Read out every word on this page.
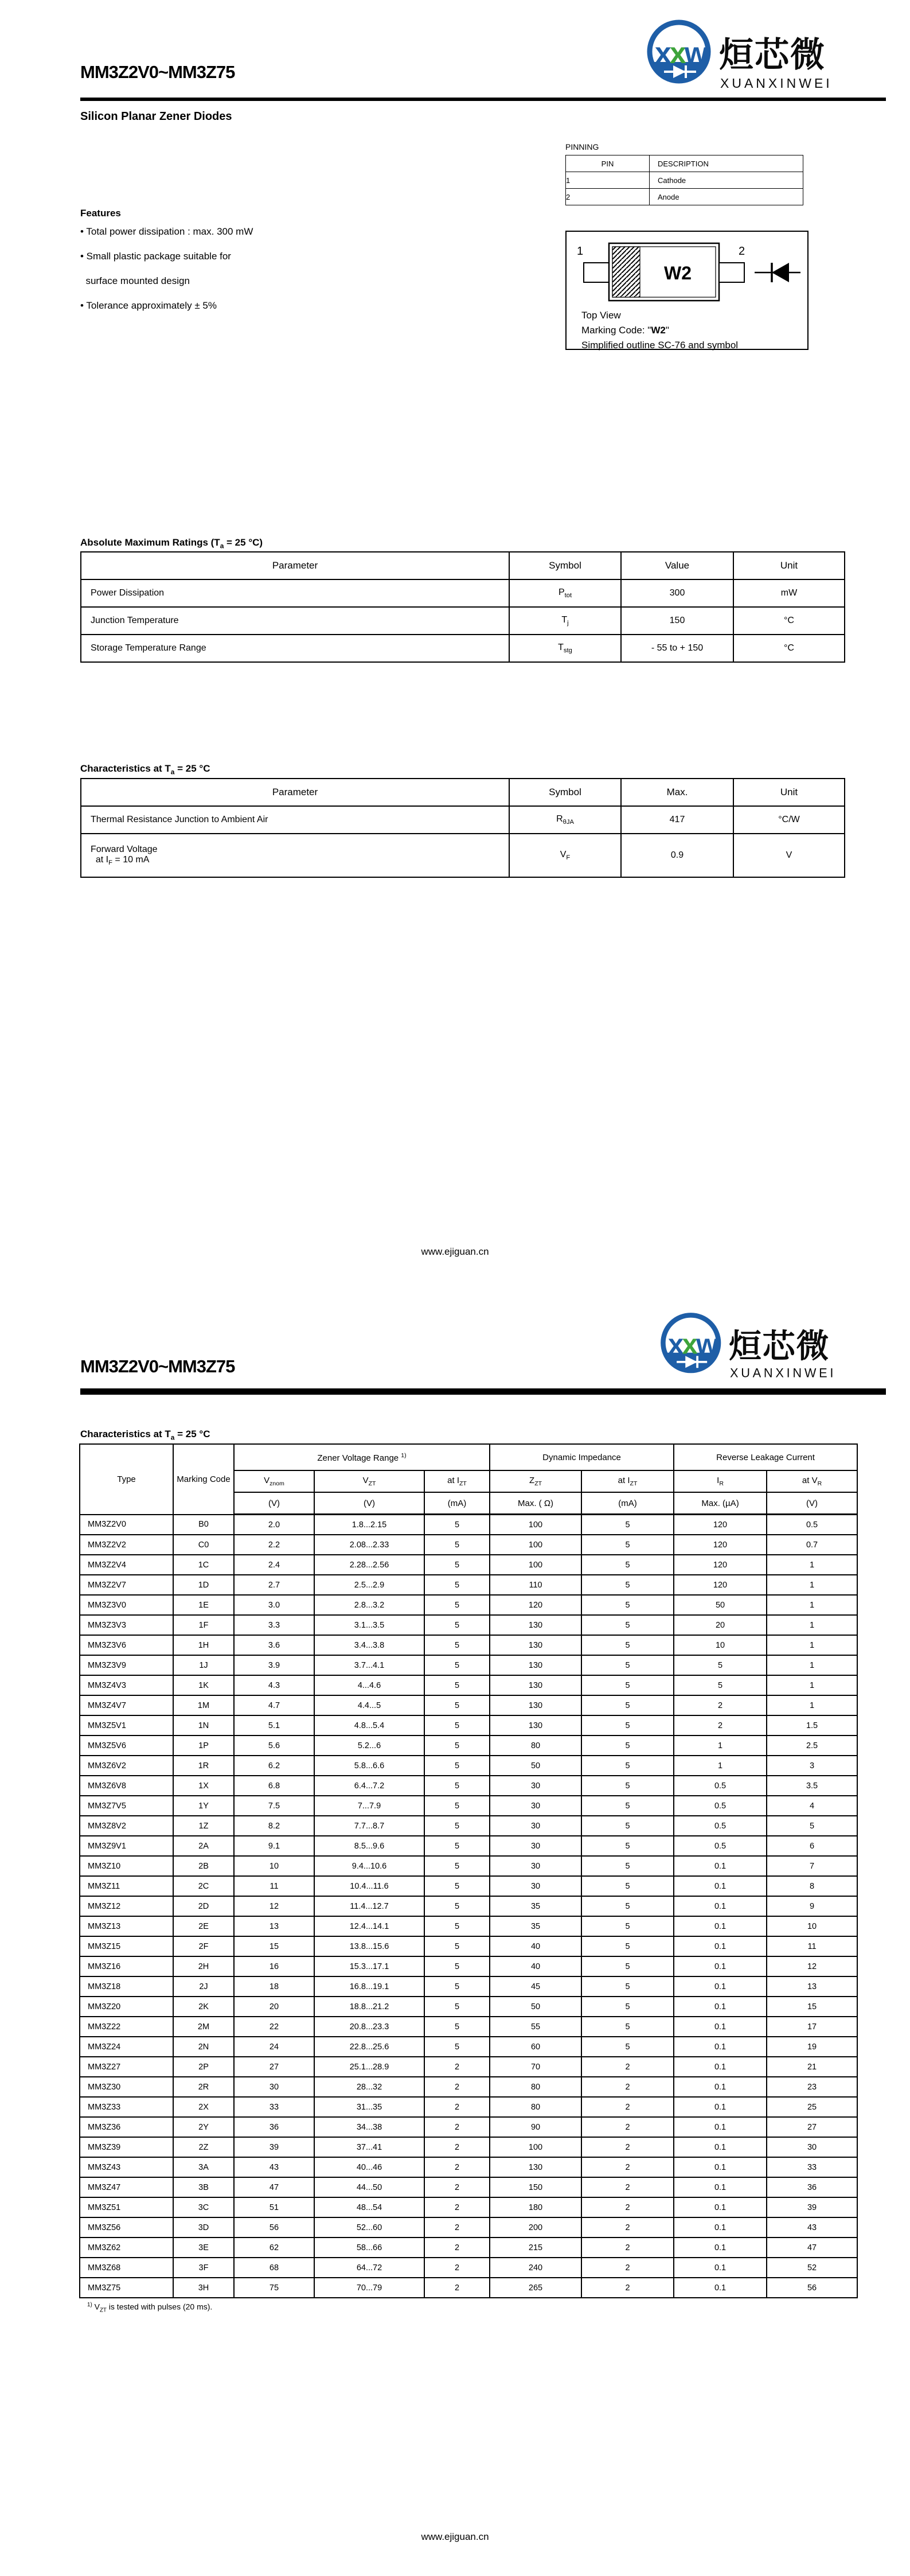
xxw 烜芯微
XUANXINWEI
MM3Z2V0~MM3Z75
Silicon Planar Zener Diodes
PINNING
PIN	DESCRIPTION
1	Cathode
2	Anode
Features
• Total power dissipation : max. 300 mW
• Small plastic package suitable for
surface mounted design
• Tolerance approximately ± 5%
1
W2
2
Top View
Marking Code: "W2"
Simplified outline SC-76 and symbol
Absolute Maximum Ratings ($T_a = 25$ °C)
Parameter	Symbol	Value	Unit
Power Dissipation	$P_{tot}$	300	mW
Junction Temperature	$T_j$	150	°C
Storage Temperature Range	$T_{stg}$	- 55 to + 150	°C
Characteristics at $T_a = 25$ °C
Parameter	Symbol	Max.	Unit
Thermal Resistance Junction to Ambient Air	$R_{\theta JA}$	417	°C/W
Forward Voltage
at $I_F = 10$ mA	$V_F$	0.9	V
www.ejiguan.cn
xxw 烜芯微
XUANXINWEI
MM3Z2V0~MM3Z75
Characteristics at $T_a = 25$ °C
Type	Marking Code	Zener Voltage Range $^{1)}$			Dynamic Impedance		Reverse Leakage Current	
		$V_{znom}$	$V_{ZT}$	at $I_{ZT}$	$Z_{ZT}$	at $I_{ZT}$	$I_R$	at $V_R$
		(V)	(V)	(mA)	Max. ( Ω)	(mA)	Max. (µA)	(V)
MM3Z2V0	B0	2.0	1.8...2.15	5	100	5	120	0.5
MM3Z2V2	C0	2.2	2.08...2.33	5	100	5	120	0.7
MM3Z2V4	1C	2.4	2.28...2.56	5	100	5	120	1
MM3Z2V7	1D	2.7	2.5...2.9	5	110	5	120	1
MM3Z3V0	1E	3.0	2.8...3.2	5	120	5	50	1
MM3Z3V3	1F	3.3	3.1...3.5	5	130	5	20	1
MM3Z3V6	1H	3.6	3.4...3.8	5	130	5	10	1
MM3Z3V9	1J	3.9	3.7...4.1	5	130	5	5	1
MM3Z4V3	1K	4.3	4...4.6	5	130	5	5	1
MM3Z4V7	1M	4.7	4.4...5	5	130	5	2	1
MM3Z5V1	1N	5.1	4.8...5.4	5	130	5	2	1.5
MM3Z5V6	1P	5.6	5.2...6	5	80	5	1	2.5
MM3Z6V2	1R	6.2	5.8...6.6	5	50	5	1	3
MM3Z6V8	1X	6.8	6.4...7.2	5	30	5	0.5	3.5
MM3Z7V5	1Y	7.5	7...7.9	5	30	5	0.5	4
MM3Z8V2	1Z	8.2	7.7...8.7	5	30	5	0.5	5
MM3Z9V1	2A	9.1	8.5...9.6	5	30	5	0.5	6
MM3Z10	2B	10	9.4...10.6	5	30	5	0.1	7
MM3Z11	2C	11	10.4...11.6	5	30	5	0.1	8
MM3Z12	2D	12	11.4...12.7	5	35	5	0.1	9
MM3Z13	2E	13	12.4...14.1	5	35	5	0.1	10
MM3Z15	2F	15	13.8...15.6	5	40	5	0.1	11
MM3Z16	2H	16	15.3...17.1	5	40	5	0.1	12
MM3Z18	2J	18	16.8...19.1	5	45	5	0.1	13
MM3Z20	2K	20	18.8...21.2	5	50	5	0.1	15
MM3Z22	2M	22	20.8...23.3	5	55	5	0.1	17
MM3Z24	2N	24	22.8...25.6	5	60	5	0.1	19
MM3Z27	2P	27	25.1...28.9	2	70	2	0.1	21
MM3Z30	2R	30	28...32	2	80	2	0.1	23
MM3Z33	2X	33	31...35	2	80	2	0.1	25
MM3Z36	2Y	36	34...38	2	90	2	0.1	27
MM3Z39	2Z	39	37...41	2	100	2	0.1	30
MM3Z43	3A	43	40...46	2	130	2	0.1	33
MM3Z47	3B	47	44...50	2	150	2	0.1	36
MM3Z51	3C	51	48...54	2	180	2	0.1	39
MM3Z56	3D	56	52...60	2	200	2	0.1	43
MM3Z62	3E	62	58...66	2	215	2	0.1	47
MM3Z68	3F	68	64...72	2	240	2	0.1	52
MM3Z75	3H	75	70...79	2	265	2	0.1	56
$^{1)}$ $V_{ZT}$ is tested with pulses (20 ms).
www.ejiguan.cn
